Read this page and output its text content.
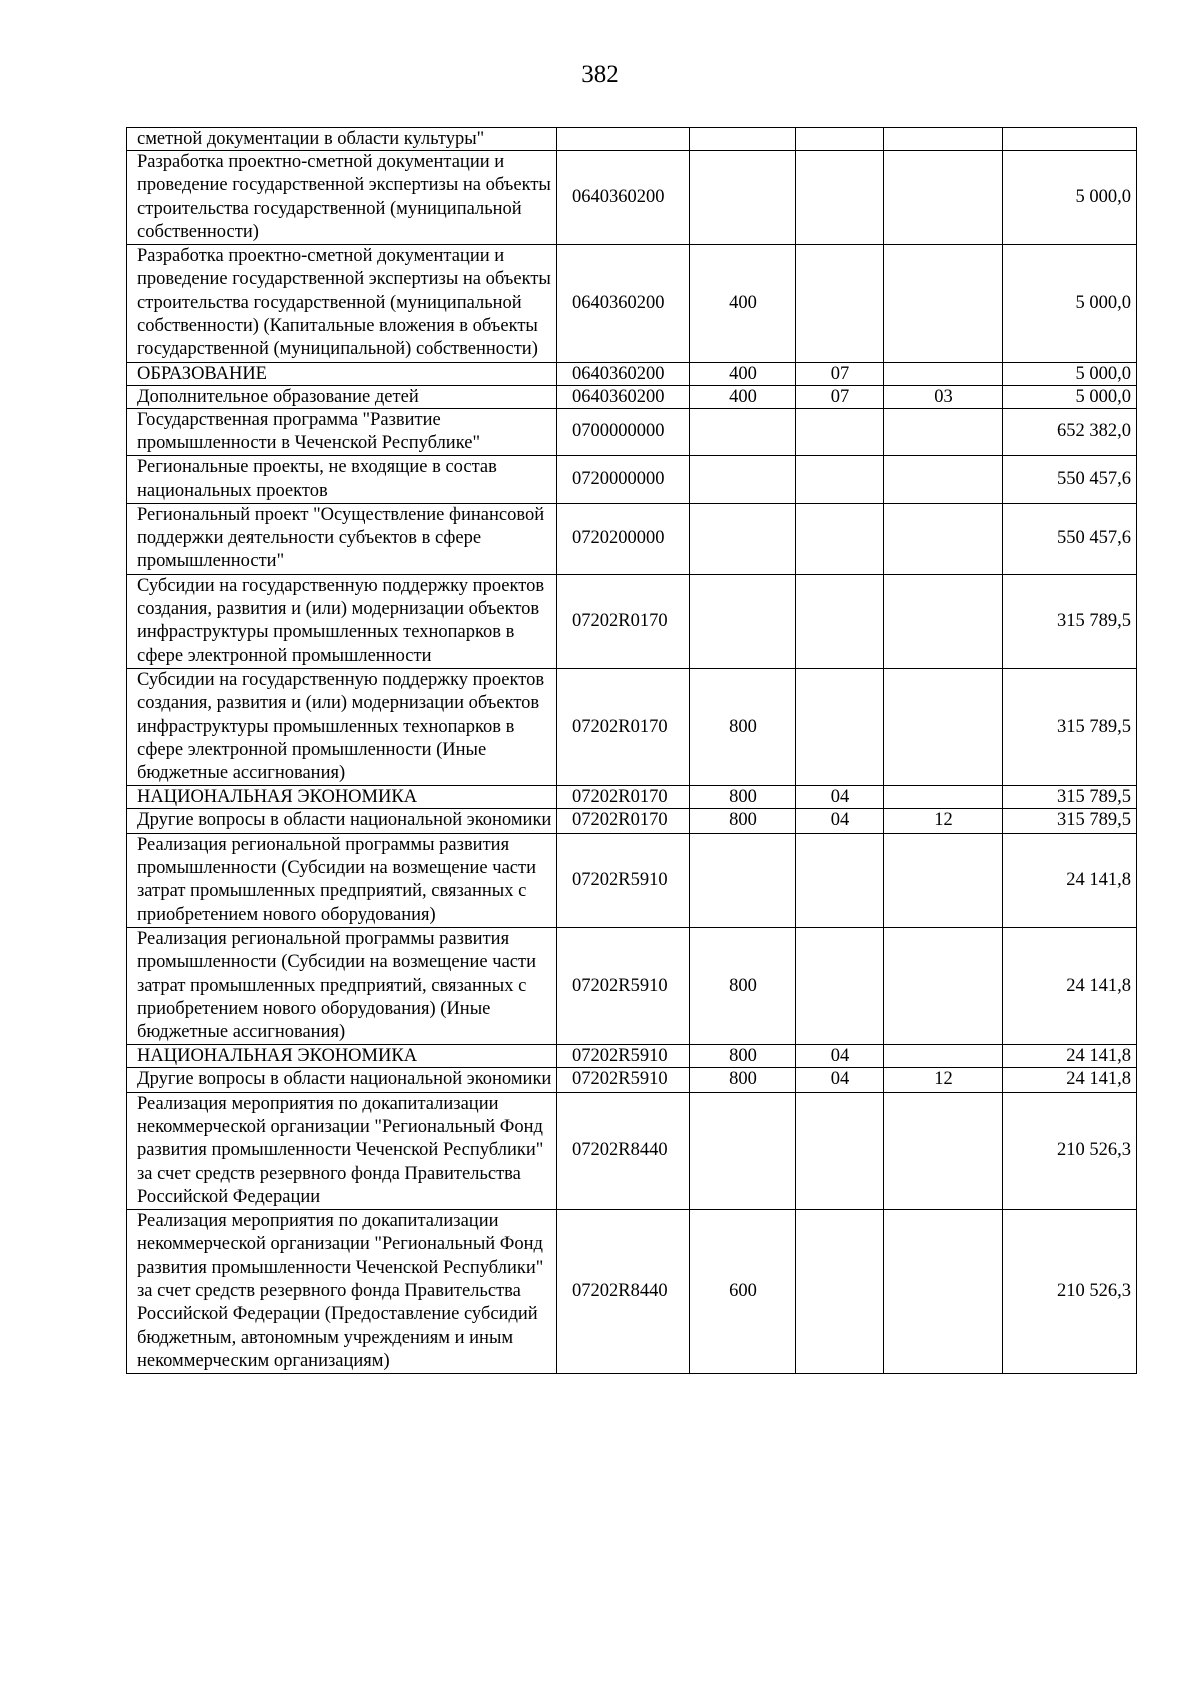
382
сметной документации в области культуры"					
Разработка проектно-сметной документации и проведение государственной экспертизы на объекты строительства государственной (муниципальной собственности)	0640360200				5 000,0
Разработка проектно-сметной документации и проведение государственной экспертизы на объекты строительства государственной (муниципальной собственности) (Капитальные вложения в объекты государственной (муниципальной) собственности)	0640360200	400			5 000,0
ОБРАЗОВАНИЕ	0640360200	400	07		5 000,0
Дополнительное образование детей	0640360200	400	07	03	5 000,0
Государственная программа "Развитие промышленности в Чеченской Республике"	0700000000				652 382,0
Региональные проекты, не входящие в состав национальных проектов	0720000000				550 457,6
Региональный проект "Осуществление финансовой поддержки деятельности субъектов в сфере промышленности"	0720200000				550 457,6
Субсидии на государственную поддержку проектов создания, развития и (или) модернизации объектов инфраструктуры промышленных технопарков в сфере электронной промышленности	07202R0170				315 789,5
Субсидии на государственную поддержку проектов создания, развития и (или) модернизации объектов инфраструктуры промышленных технопарков в сфере электронной промышленности (Иные бюджетные ассигнования)	07202R0170	800			315 789,5
НАЦИОНАЛЬНАЯ ЭКОНОМИКА	07202R0170	800	04		315 789,5
Другие вопросы в области национальной экономики	07202R0170	800	04	12	315 789,5
Реализация региональной программы развития промышленности (Субсидии на возмещение части затрат промышленных предприятий, связанных с приобретением нового оборудования)	07202R5910				24 141,8
Реализация региональной программы развития промышленности (Субсидии на возмещение части затрат промышленных предприятий, связанных с приобретением нового оборудования) (Иные бюджетные ассигнования)	07202R5910	800			24 141,8
НАЦИОНАЛЬНАЯ ЭКОНОМИКА	07202R5910	800	04		24 141,8
Другие вопросы в области национальной экономики	07202R5910	800	04	12	24 141,8
Реализация мероприятия по докапитализации некоммерческой организации "Региональный Фонд развития промышленности Чеченской Республики" за счет средств резервного фонда Правительства Российской Федерации	07202R8440				210 526,3
Реализация мероприятия по докапитализации некоммерческой организации "Региональный Фонд развития промышленности Чеченской Республики" за счет средств резервного фонда Правительства Российской Федерации (Предоставление субсидий бюджетным, автономным учреждениям и иным некоммерческим организациям)	07202R8440	600			210 526,3
